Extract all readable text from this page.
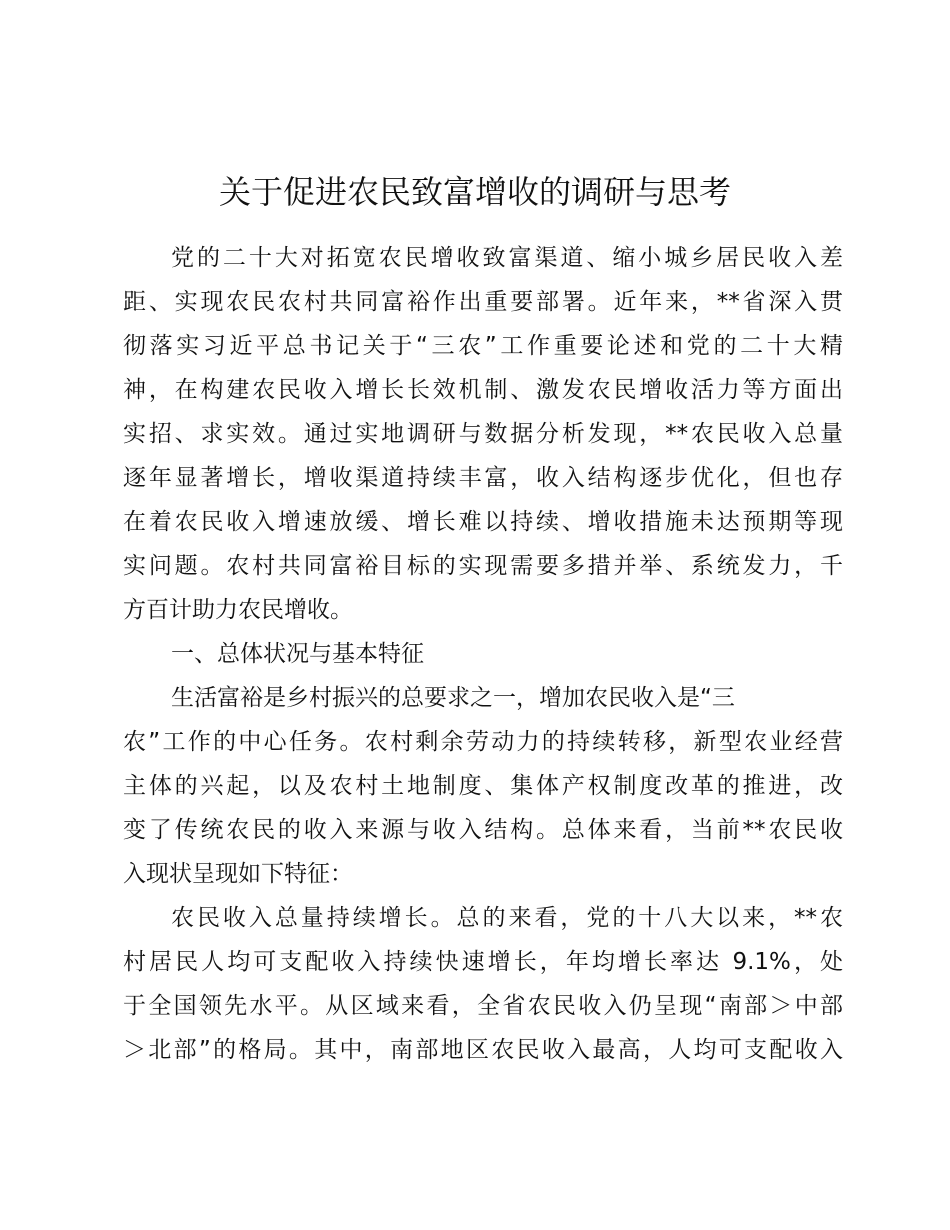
关于促进农民致富增收的调研与思考
党的二十大对拓宽农民增收致富渠道、缩小城乡居民收入差
距、实现农民农村共同富裕作出重要部署。近年来，**省深入贯
彻落实习近平总书记关于“三农”工作重要论述和党的二十大精
神，在构建农民收入增长长效机制、激发农民增收活力等方面出
实招、求实效。通过实地调研与数据分析发现，**农民收入总量
逐年显著增长，增收渠道持续丰富，收入结构逐步优化，但也存
在着农民收入增速放缓、增长难以持续、增收措施未达预期等现
实问题。农村共同富裕目标的实现需要多措并举、系统发力，千
方百计助力农民增收。
一、总体状况与基本特征
生活富裕是乡村振兴的总要求之一，增加农民收入是“三
农”工作的中心任务。农村剩余劳动力的持续转移，新型农业经营
主体的兴起，以及农村土地制度、集体产权制度改革的推进，改
变了传统农民的收入来源与收入结构。总体来看，当前**农民收
入现状呈现如下特征：
农民收入总量持续增长。总的来看，党的十八大以来，**农
村居民人均可支配收入持续快速增长，年均增长率达 9.1%，处
于全国领先水平。从区域来看，全省农民收入仍呈现“南部＞中部
＞北部”的格局。其中，南部地区农民收入最高，人均可支配收入
